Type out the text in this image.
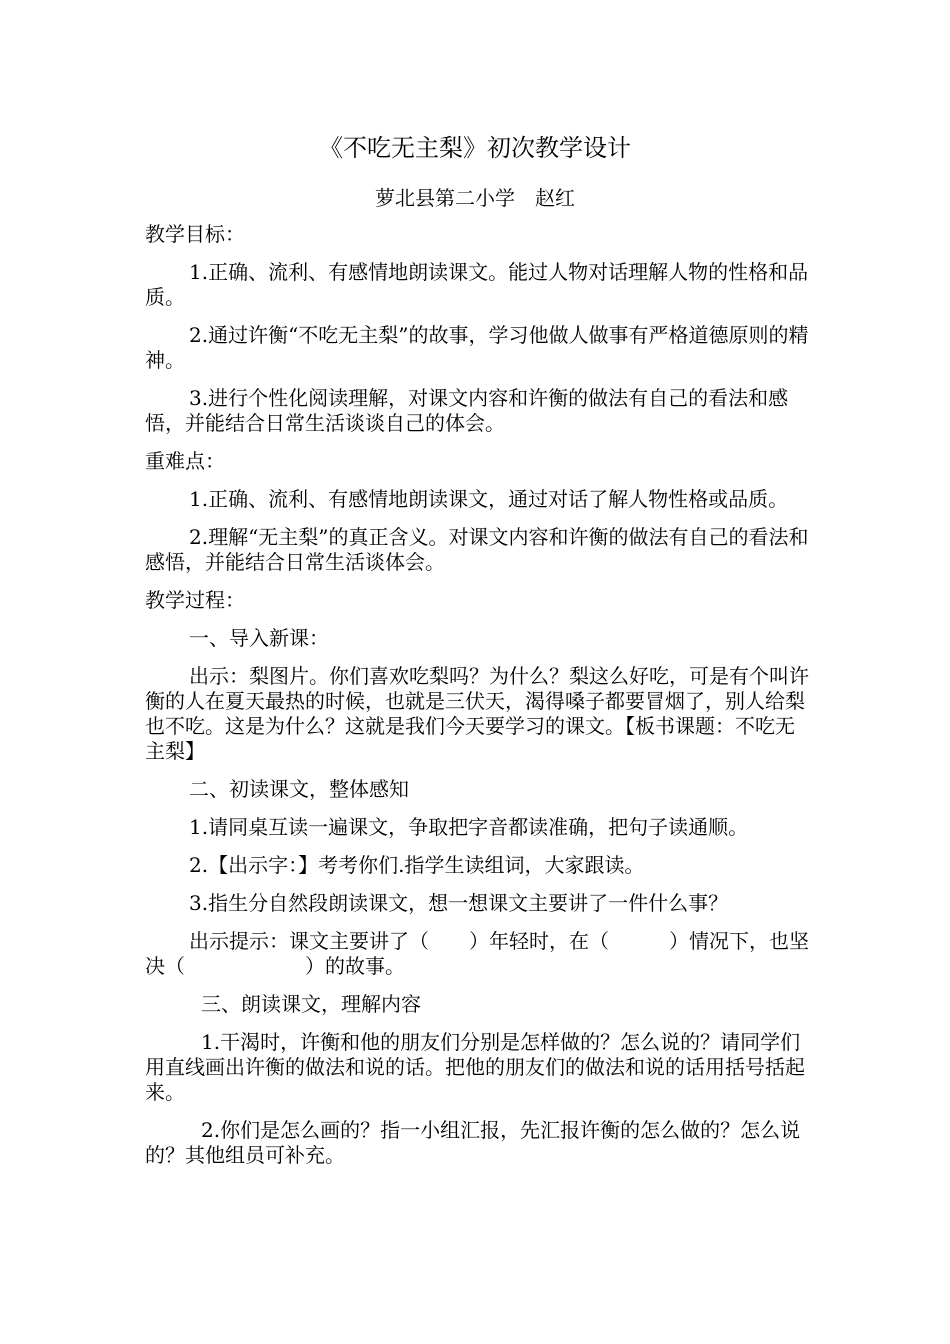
《不吃无主梨》初次教学设计
萝北县第二小学　赵红

教学目标：

1.正确、流利、有感情地朗读课文。能过人物对话理解人物的性格和品质。

2.通过许衡“不吃无主梨”的故事，学习他做人做事有严格道德原则的精神。

3.进行个性化阅读理解，对课文内容和许衡的做法有自己的看法和感悟，并能结合日常生活谈谈自己的体会。

重难点：

1.正确、流利、有感情地朗读课文，通过对话了解人物性格或品质。

2.理解“无主梨”的真正含义。对课文内容和许衡的做法有自己的看法和感悟，并能结合日常生活谈体会。

教学过程：

一、导入新课：

出示：梨图片。你们喜欢吃梨吗？为什么？梨这么好吃，可是有个叫许衡的人在夏天最热的时候，也就是三伏天，渴得嗓子都要冒烟了，别人给梨也不吃。这是为什么？这就是我们今天要学习的课文。【板书课题：不吃无主梨】

二、初读课文，整体感知

1.请同桌互读一遍课文，争取把字音都读准确，把句子读通顺。

2.【出示字：】考考你们.指学生读组词，大家跟读。

3.指生分自然段朗读课文，想一想课文主要讲了一件什么事？

出示提示：课文主要讲了（　　）年轻时，在（　　　）情况下，也坚决（　　　　　　）的故事。

三、朗读课文，理解内容

1.干渴时，许衡和他的朋友们分别是怎样做的？怎么说的？请同学们用直线画出许衡的做法和说的话。把他的朋友们的做法和说的话用括号括起来。

2.你们是怎么画的？指一小组汇报，先汇报许衡的怎么做的？怎么说的？其他组员可补充。
